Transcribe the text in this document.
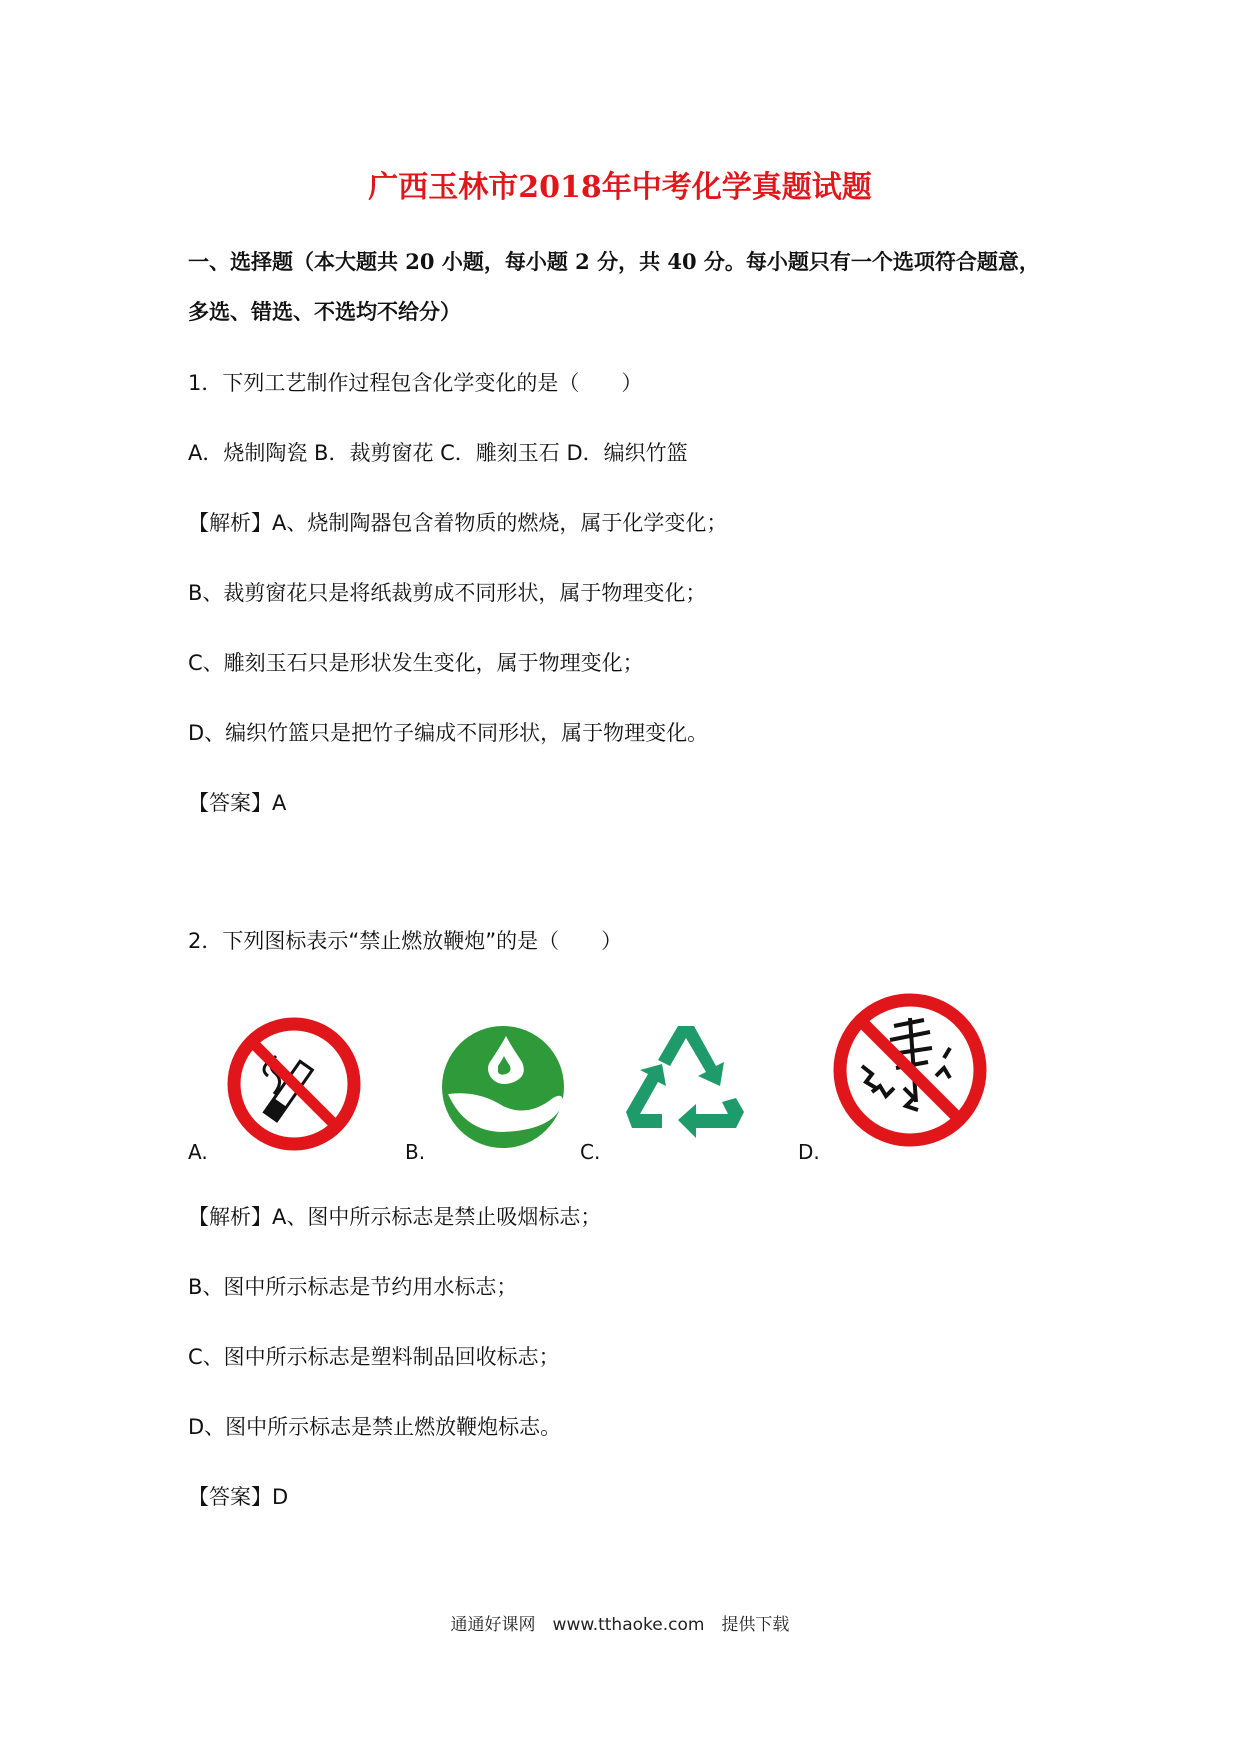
广西玉林市2018年中考化学真题试题
一、选择题（本大题共 20 小题，每小题 2 分，共 40 分。每小题只有一个选项符合题意，
多选、错选、不选均不给分）
1．下列工艺制作过程包含化学变化的是（　　）
A．烧制陶瓷 B．裁剪窗花 C．雕刻玉石 D．编织竹篮
【解析】A、烧制陶器包含着物质的燃烧，属于化学变化；
B、裁剪窗花只是将纸裁剪成不同形状，属于物理变化；
C、雕刻玉石只是形状发生变化，属于物理变化；
D、编织竹篮只是把竹子编成不同形状，属于物理变化。
【答案】A
2．下列图标表示“禁止燃放鞭炮”的是（　　）
A.	B.	C.	D.
【解析】A、图中所示标志是禁止吸烟标志；
B、图中所示标志是节约用水标志；
C、图中所示标志是塑料制品回收标志；
D、图中所示标志是禁止燃放鞭炮标志。
【答案】D
通通好课网　www.tthaoke.com　提供下载
